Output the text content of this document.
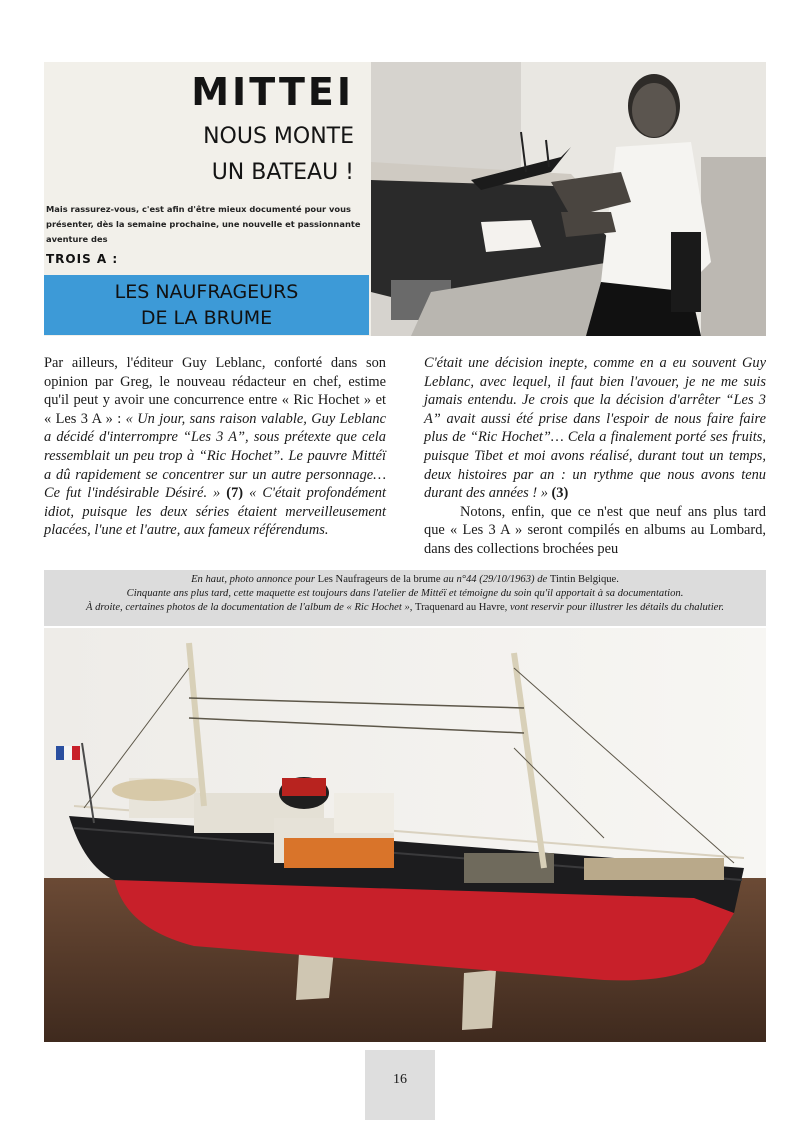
MITTEI
NOUS MONTE
UN BATEAU !
Mais rassurez-vous, c'est afin d'être mieux documenté pour vous présenter, dès la semaine prochaine, une nouvelle et passionnante aventure des
TROIS A :
LES NAUFRAGEURS
DE LA BRUME

Par ailleurs, l'éditeur Guy Leblanc, conforté dans son opinion par Greg, le nouveau rédacteur en chef, estime qu'il peut y avoir une concurrence entre « Ric Hochet » et « Les 3 A » : « Un jour, sans raison valable, Guy Leblanc a décidé d'interrompre “Les 3 A”, sous prétexte que cela ressemblait un peu trop à “Ric Hochet”. Le pauvre Mittéï a dû rapidement se concentrer sur un autre personnage… Ce fut l'indésirable Désiré. » (7) « C'était profondément idiot, puisque les deux séries étaient merveilleusement placées, l'une et l'autre, aux fameux référendums.

C'était une décision inepte, comme en a eu souvent Guy Leblanc, avec lequel, il faut bien l'avouer, je ne me suis jamais entendu. Je crois que la décision d'arrêter “Les 3 A” avait aussi été prise dans l'espoir de nous faire faire plus de “Ric Hochet”… Cela a finalement porté ses fruits, puisque Tibet et moi avons réalisé, durant tout un temps, deux histoires par an : un rythme que nous avons tenu durant des années ! » (3)

Notons, enfin, que ce n'est que neuf ans plus tard que « Les 3 A » seront compilés en albums au Lombard, dans des collections brochées peu

En haut, photo annonce pour Les Naufrageurs de la brume au n°44 (29/10/1963) de Tintin Belgique.
Cinquante ans plus tard, cette maquette est toujours dans l'atelier de Mittéï et témoigne du soin qu'il apportait à sa documentation.
À droite, certaines photos de la documentation de l'album de « Ric Hochet », Traquenard au Havre, vont reservir pour illustrer les détails du chalutier.
16
